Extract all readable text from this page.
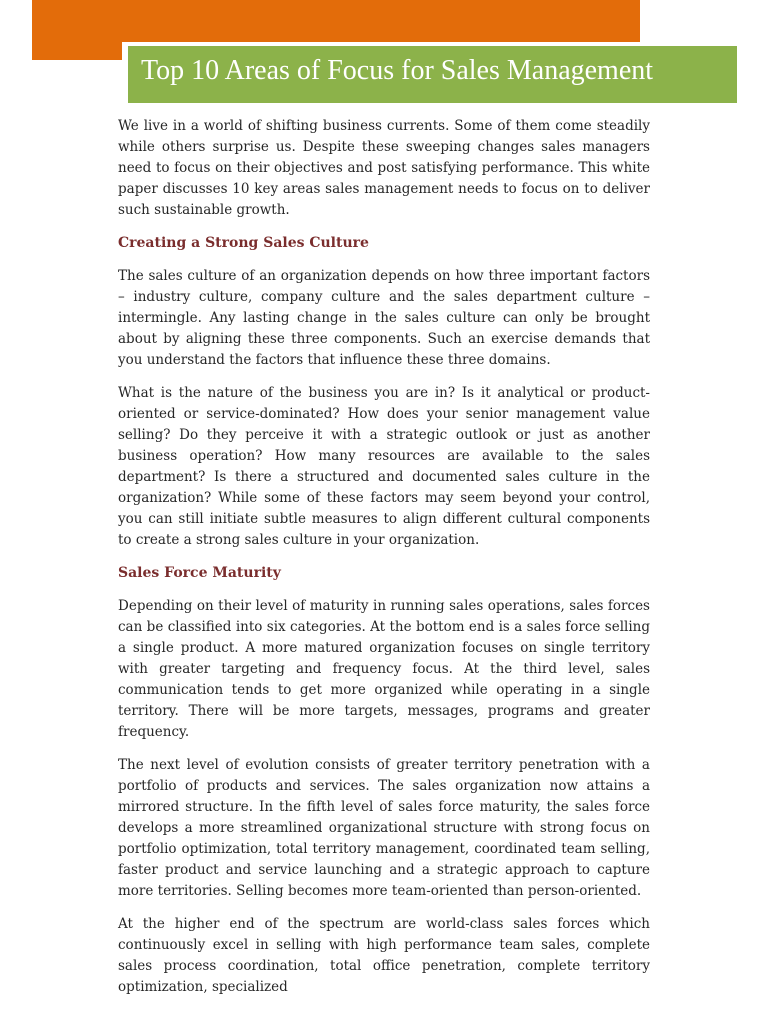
Top 10 Areas of Focus for Sales Management

We live in a world of shifting business currents. Some of them come steadily while others surprise us. Despite these sweeping changes sales managers need to focus on their objectives and post satisfying performance. This white paper discusses 10 key areas sales management needs to focus on to deliver such sustainable growth.

Creating a Strong Sales Culture

The sales culture of an organization depends on how three important factors – industry culture, company culture and the sales department culture – intermingle. Any lasting change in the sales culture can only be brought about by aligning these three components. Such an exercise demands that you understand the factors that influence these three domains.

What is the nature of the business you are in? Is it analytical or product-oriented or service-dominated? How does your senior management value selling? Do they perceive it with a strategic outlook or just as another business operation? How many resources are available to the sales department? Is there a structured and documented sales culture in the organization? While some of these factors may seem beyond your control, you can still initiate subtle measures to align different cultural components to create a strong sales culture in your organization.

Sales Force Maturity

Depending on their level of maturity in running sales operations, sales forces can be classified into six categories. At the bottom end is a sales force selling a single product. A more matured organization focuses on single territory with greater targeting and frequency focus. At the third level, sales communication tends to get more organized while operating in a single territory. There will be more targets, messages, programs and greater frequency.

The next level of evolution consists of greater territory penetration with a portfolio of products and services. The sales organization now attains a mirrored structure. In the fifth level of sales force maturity, the sales force develops a more streamlined organizational structure with strong focus on portfolio optimization, total territory management, coordinated team selling, faster product and service launching and a strategic approach to capture more territories. Selling becomes more team-oriented than person-oriented.

At the higher end of the spectrum are world-class sales forces which continuously excel in selling with high performance team sales, complete sales process coordination, total office penetration, complete territory optimization, specialized
